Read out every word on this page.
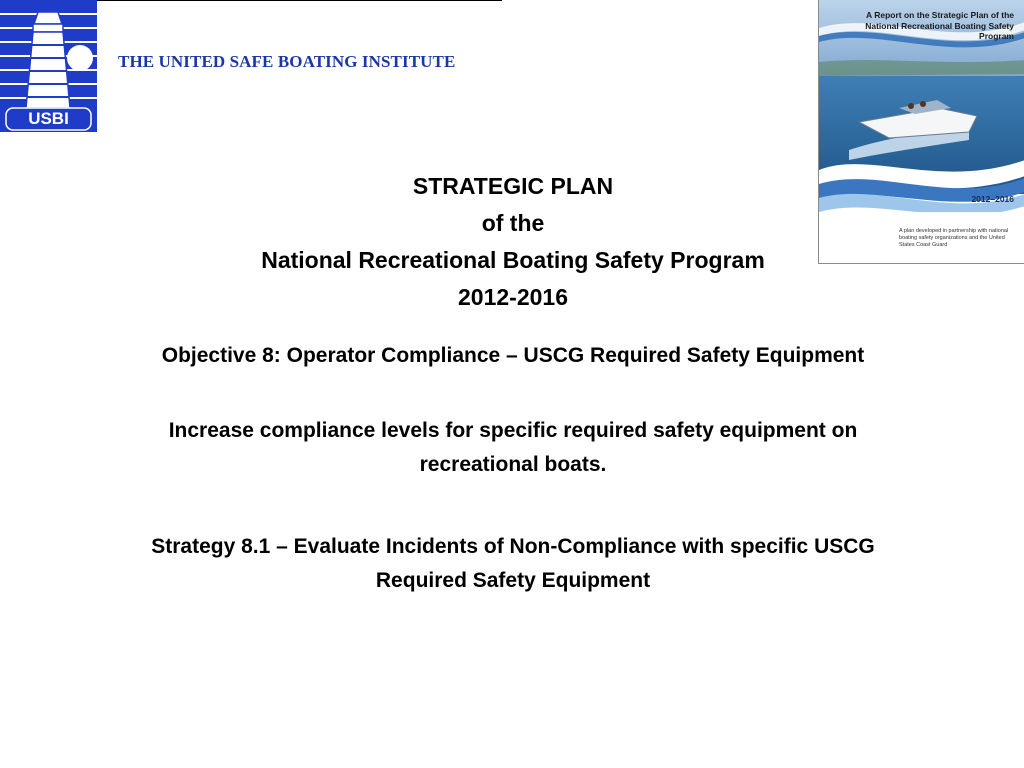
USBI
THE UNITED SAFE BOATING INSTITUTE
A Report on the Strategic Plan of the National Recreational Boating Safety Program
2012–2016
A plan developed in partnership with national boating safety organizations and the United States Coast Guard
STRATEGIC PLAN
of the
National Recreational Boating Safety Program
2012-2016
Objective 8: Operator Compliance – USCG Required Safety Equipment
Increase compliance levels for specific required safety equipment on recreational boats.
Strategy 8.1 – Evaluate Incidents of Non-Compliance with specific USCG Required Safety Equipment
